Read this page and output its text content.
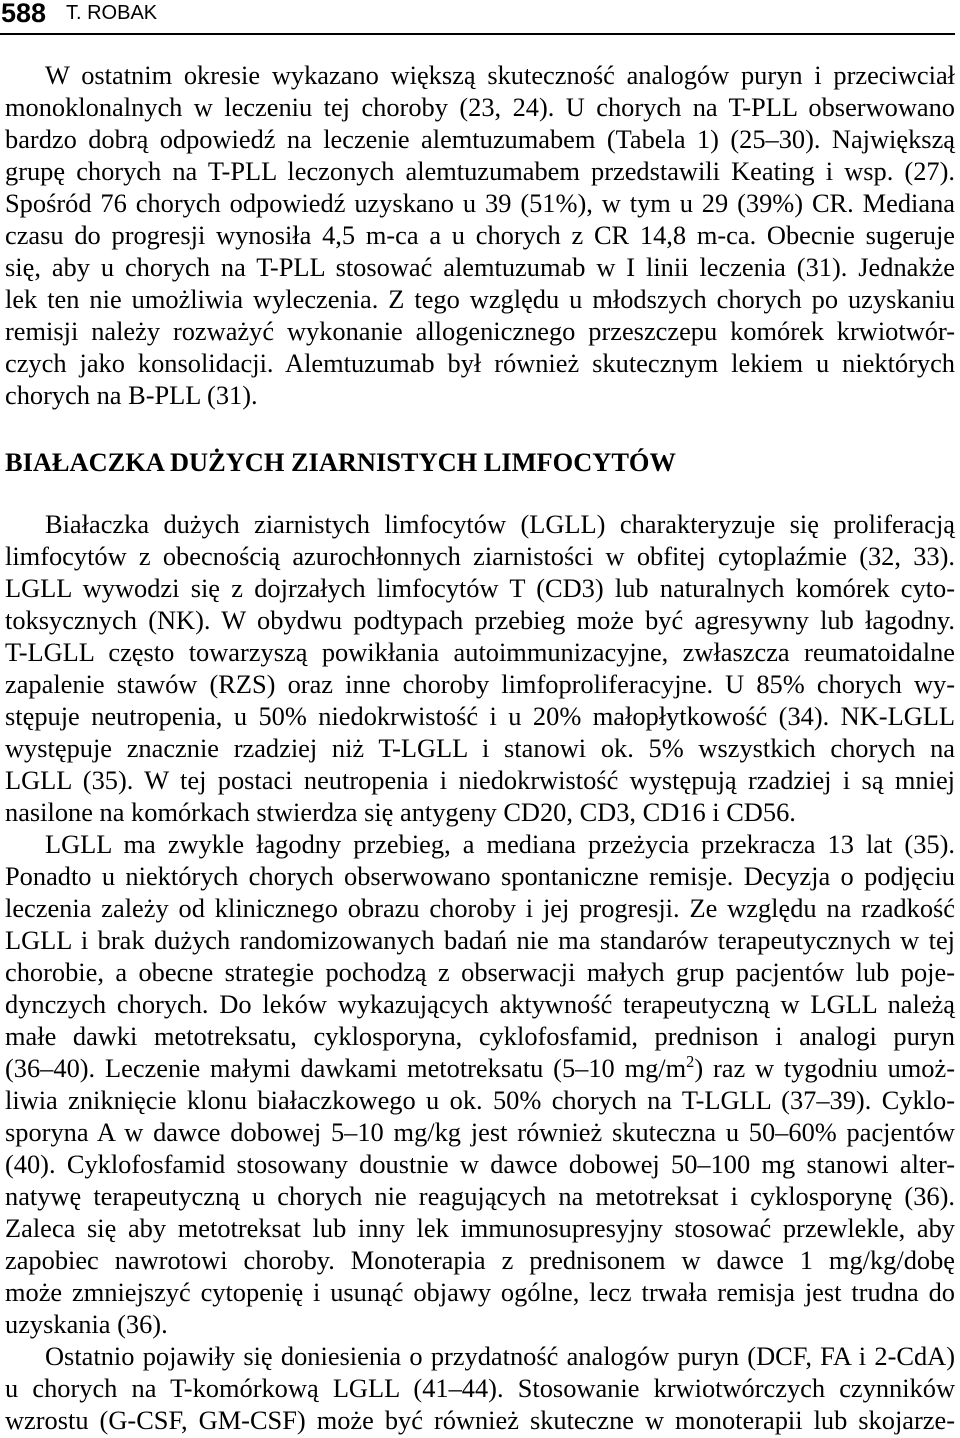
588 T. ROBAK
W ostatnim okresie wykazano większą skuteczność analogów puryn i przeciwciał
monoklonalnych w leczeniu tej choroby (23, 24). U chorych na T-PLL obserwowano
bardzo dobrą odpowiedź na leczenie alemtuzumabem (Tabela 1) (25–30). Największą
grupę chorych na T-PLL leczonych alemtuzumabem przedstawili Keating i wsp. (27).
Spośród 76 chorych odpowiedź uzyskano u 39 (51%), w tym u 29 (39%) CR. Mediana
czasu do progresji wynosiła 4,5 m-ca a u chorych z CR 14,8 m-ca. Obecnie sugeruje
się, aby u chorych na T-PLL stosować alemtuzumab w I linii leczenia (31). Jednakże
lek ten nie umożliwia wyleczenia. Z tego względu u młodszych chorych po uzyskaniu
remisji należy rozważyć wykonanie allogenicznego przeszczepu komórek krwiotwór-
czych jako konsolidacji. Alemtuzumab był również skutecznym lekiem u niektórych
chorych na B-PLL (31).
BIAŁACZKA DUŻYCH ZIARNISTYCH LIMFOCYTÓW
Białaczka dużych ziarnistych limfocytów (LGLL) charakteryzuje się proliferacją
limfocytów z obecnością azurochłonnych ziarnistości w obfitej cytoplaźmie (32, 33).
LGLL wywodzi się z dojrzałych limfocytów T (CD3) lub naturalnych komórek cyto-
toksycznych (NK). W obydwu podtypach przebieg może być agresywny lub łagodny.
T-LGLL często towarzyszą powikłania autoimmunizacyjne, zwłaszcza reumatoidalne
zapalenie stawów (RZS) oraz inne choroby limfoproliferacyjne. U 85% chorych wy-
stępuje neutropenia, u 50% niedokrwistość i u 20% małopłytkowość (34). NK-LGLL
występuje znacznie rzadziej niż T-LGLL i stanowi ok. 5% wszystkich chorych na
LGLL (35). W tej postaci neutropenia i niedokrwistość występują rzadziej i są mniej
nasilone na komórkach stwierdza się antygeny CD20, CD3, CD16 i CD56.
LGLL ma zwykle łagodny przebieg, a mediana przeżycia przekracza 13 lat (35).
Ponadto u niektórych chorych obserwowano spontaniczne remisje. Decyzja o podjęciu
leczenia zależy od klinicznego obrazu choroby i jej progresji. Ze względu na rzadkość
LGLL i brak dużych randomizowanych badań nie ma standarów terapeutycznych w tej
chorobie, a obecne strategie pochodzą z obserwacji małych grup pacjentów lub poje-
dynczych chorych. Do leków wykazujących aktywność terapeutyczną w LGLL należą
małe dawki metotreksatu, cyklosporyna, cyklofosfamid, prednison i analogi puryn
(36–40). Leczenie małymi dawkami metotreksatu (5–10 $mg/m^2$) raz w tygodniu umoż-
liwia zniknięcie klonu białaczkowego u ok. 50% chorych na T-LGLL (37–39). Cyklo-
sporyna A w dawce dobowej 5–10 mg/kg jest również skuteczna u 50–60% pacjentów
(40). Cyklofosfamid stosowany doustnie w dawce dobowej 50–100 mg stanowi alter-
natywę terapeutyczną u chorych nie reagujących na metotreksat i cyklosporynę (36).
Zaleca się aby metotreksat lub inny lek immunosupresyjny stosować przewlekle, aby
zapobiec nawrotowi choroby. Monoterapia z prednisonem w dawce 1 mg/kg/dobę
może zmniejszyć cytopenię i usunąć objawy ogólne, lecz trwała remisja jest trudna do
uzyskania (36).
Ostatnio pojawiły się doniesienia o przydatność analogów puryn (DCF, FA i 2-CdA)
u chorych na T-komórkową LGLL (41–44). Stosowanie krwiotwórczych czynników
wzrostu (G-CSF, GM-CSF) może być również skuteczne w monoterapii lub skojarze-
